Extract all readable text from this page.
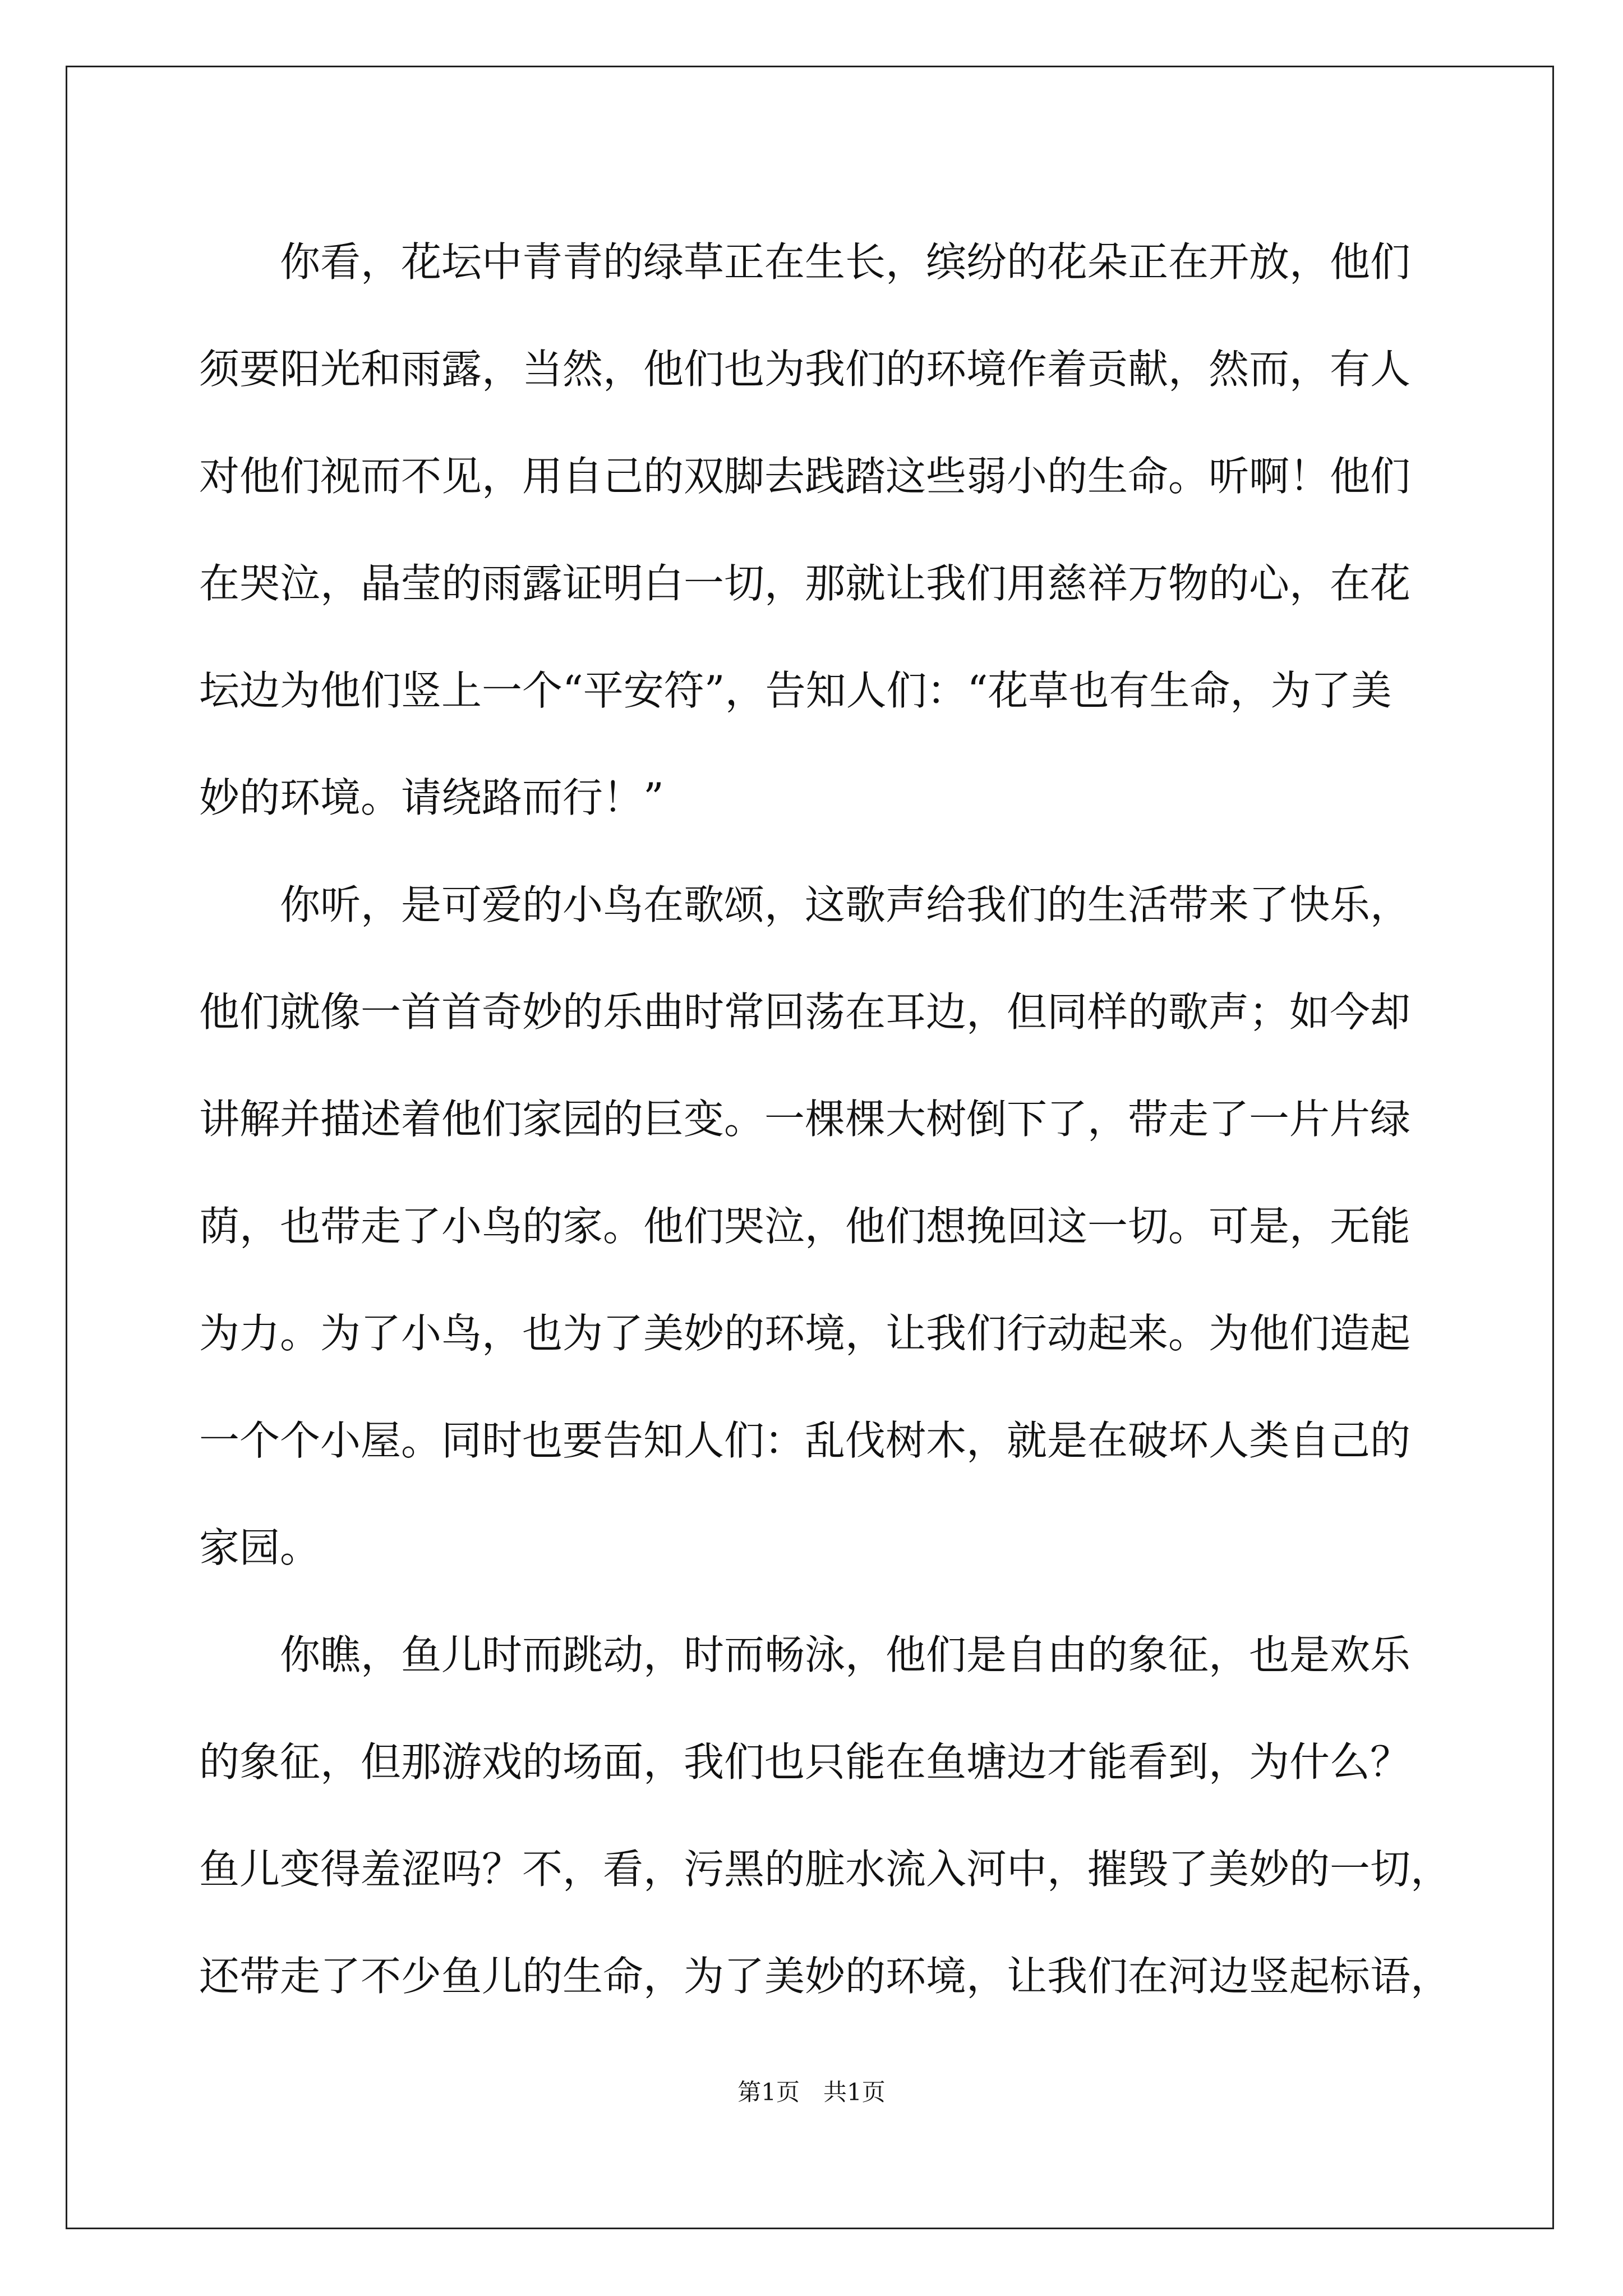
你看，花坛中青青的绿草正在生长，缤纷的花朵正在开放，他们
须要阳光和雨露，当然，他们也为我们的环境作着贡献，然而，有人
对他们视而不见，用自己的双脚去践踏这些弱小的生命。听啊！他们
在哭泣，晶莹的雨露证明白一切，那就让我们用慈祥万物的心，在花
坛边为他们竖上一个“平安符”，告知人们：“花草也有生命，为了美
妙的环境。请绕路而行！”
你听，是可爱的小鸟在歌颂，这歌声给我们的生活带来了快乐，
他们就像一首首奇妙的乐曲时常回荡在耳边，但同样的歌声；如今却
讲解并描述着他们家园的巨变。一棵棵大树倒下了，带走了一片片绿
荫，也带走了小鸟的家。他们哭泣，他们想挽回这一切。可是，无能
为力。为了小鸟，也为了美妙的环境，让我们行动起来。为他们造起
一个个小屋。同时也要告知人们：乱伐树木，就是在破坏人类自己的
家园。
你瞧，鱼儿时而跳动，时而畅泳，他们是自由的象征，也是欢乐
的象征，但那游戏的场面，我们也只能在鱼塘边才能看到，为什么？
鱼儿变得羞涩吗？不，看，污黑的脏水流入河中，摧毁了美妙的一切，
还带走了不少鱼儿的生命，为了美妙的环境，让我们在河边竖起标语，
第1页　共1页
